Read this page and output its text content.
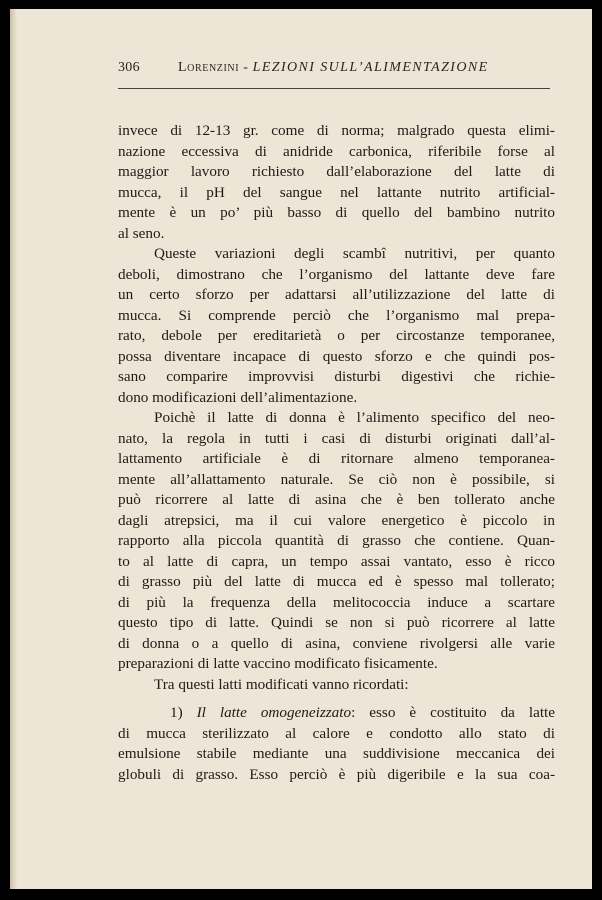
306	Lorenzini - LEZIONI SULL’ALIMENTAZIONE
invece di 12-13 gr. come di norma; malgrado questa elimi-
nazione eccessiva di anidride carbonica, riferibile forse al
maggior lavoro richiesto dall’elaborazione del latte di
mucca, il pH del sangue nel lattante nutrito artificial-
mente è un po’ più basso di quello del bambino nutrito
al seno.
Queste variazioni degli scambî nutritivi, per quanto
deboli, dimostrano che l’organismo del lattante deve fare
un certo sforzo per adattarsi all’utilizzazione del latte di
mucca. Si comprende perciò che l’organismo mal prepa-
rato, debole per ereditarietà o per circostanze temporanee,
possa diventare incapace di questo sforzo e che quindi pos-
sano comparire improvvisi disturbi digestivi che richie-
dono modificazioni dell’alimentazione.
Poichè il latte di donna è l’alimento specifico del neo-
nato, la regola in tutti i casi di disturbi originati dall’al-
lattamento artificiale è di ritornare almeno temporanea-
mente all’allattamento naturale. Se ciò non è possibile, si
può ricorrere al latte di asina che è ben tollerato anche
dagli atrepsici, ma il cui valore energetico è piccolo in
rapporto alla piccola quantità di grasso che contiene. Quan-
to al latte di capra, un tempo assai vantato, esso è ricco
di grasso più del latte di mucca ed è spesso mal tollerato;
di più la frequenza della melitococcia induce a scartare
questo tipo di latte. Quindi se non si può ricorrere al latte
di donna o a quello di asina, conviene rivolgersi alle varie
preparazioni di latte vaccino modificato fisicamente.
Tra questi latti modificati vanno ricordati:
1) Il latte omogeneizzato: esso è costituito da latte
di mucca sterilizzato al calore e condotto allo stato di
emulsione stabile mediante una suddivisione meccanica dei
globuli di grasso. Esso perciò è più digeribile e la sua coa-
